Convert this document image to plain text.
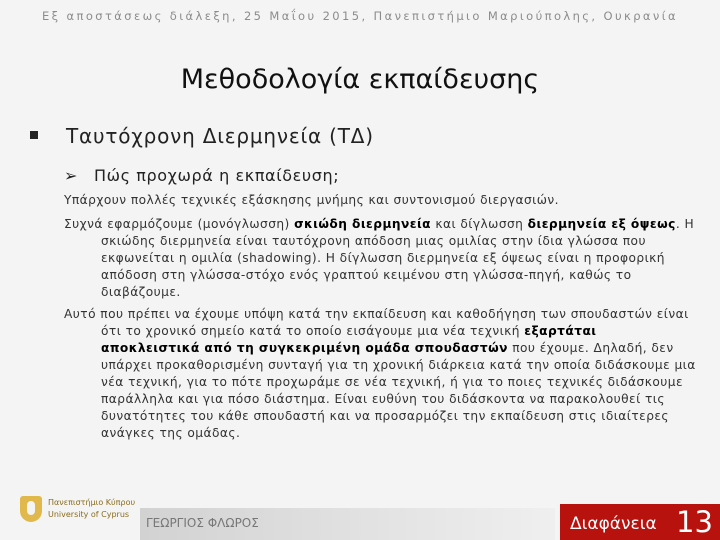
Εξ αποστάσεως διάλεξη, 25 Μαΐου 2015, Πανεπιστήμιο Μαριούπολης, Ουκρανία
Μεθοδολογία εκπαίδευσης
Ταυτόχρονη Διερμηνεία (ΤΔ)
➢ Πώς προχωρά η εκπαίδευση;
Υπάρχουν πολλές τεχνικές εξάσκησης μνήμης και συντονισμού διεργασιών.
Συχνά εφαρμόζουμε (μονόγλωσση) σκιώδη διερμηνεία και δίγλωσση διερμηνεία εξ όψεως. Η σκιώδης διερμηνεία είναι ταυτόχρονη απόδοση μιας ομιλίας στην ίδια γλώσσα που εκφωνείται η ομιλία (shadowing). Η δίγλωσση διερμηνεία εξ όψεως είναι η προφορική απόδοση στη γλώσσα-στόχο ενός γραπτού κειμένου στη γλώσσα-πηγή, καθώς το διαβάζουμε.
Αυτό που πρέπει να έχουμε υπόψη κατά την εκπαίδευση και καθοδήγηση των σπουδαστών είναι ότι το χρονικό σημείο κατά το οποίο εισάγουμε μια νέα τεχνική εξαρτάται αποκλειστικά από τη συγκεκριμένη ομάδα σπουδαστών που έχουμε. Δηλαδή, δεν υπάρχει προκαθορισμένη συνταγή για τη χρονική διάρκεια κατά την οποία διδάσκουμε μια νέα τεχνική, για το πότε προχωράμε σε νέα τεχνική, ή για το ποιες τεχνικές διδάσκουμε παράλληλα και για πόσο διάστημα. Είναι ευθύνη του διδάσκοντα να παρακολουθεί τις δυνατότητες του κάθε σπουδαστή και να προσαρμόζει την εκπαίδευση στις ιδιαίτερες ανάγκες της ομάδας.
Πανεπιστήμιο Κύπρου
University of Cyprus
ΓΕΩΡΓΙΟΣ ΦΛΩΡΟΣ	Διαφάνεια 13
